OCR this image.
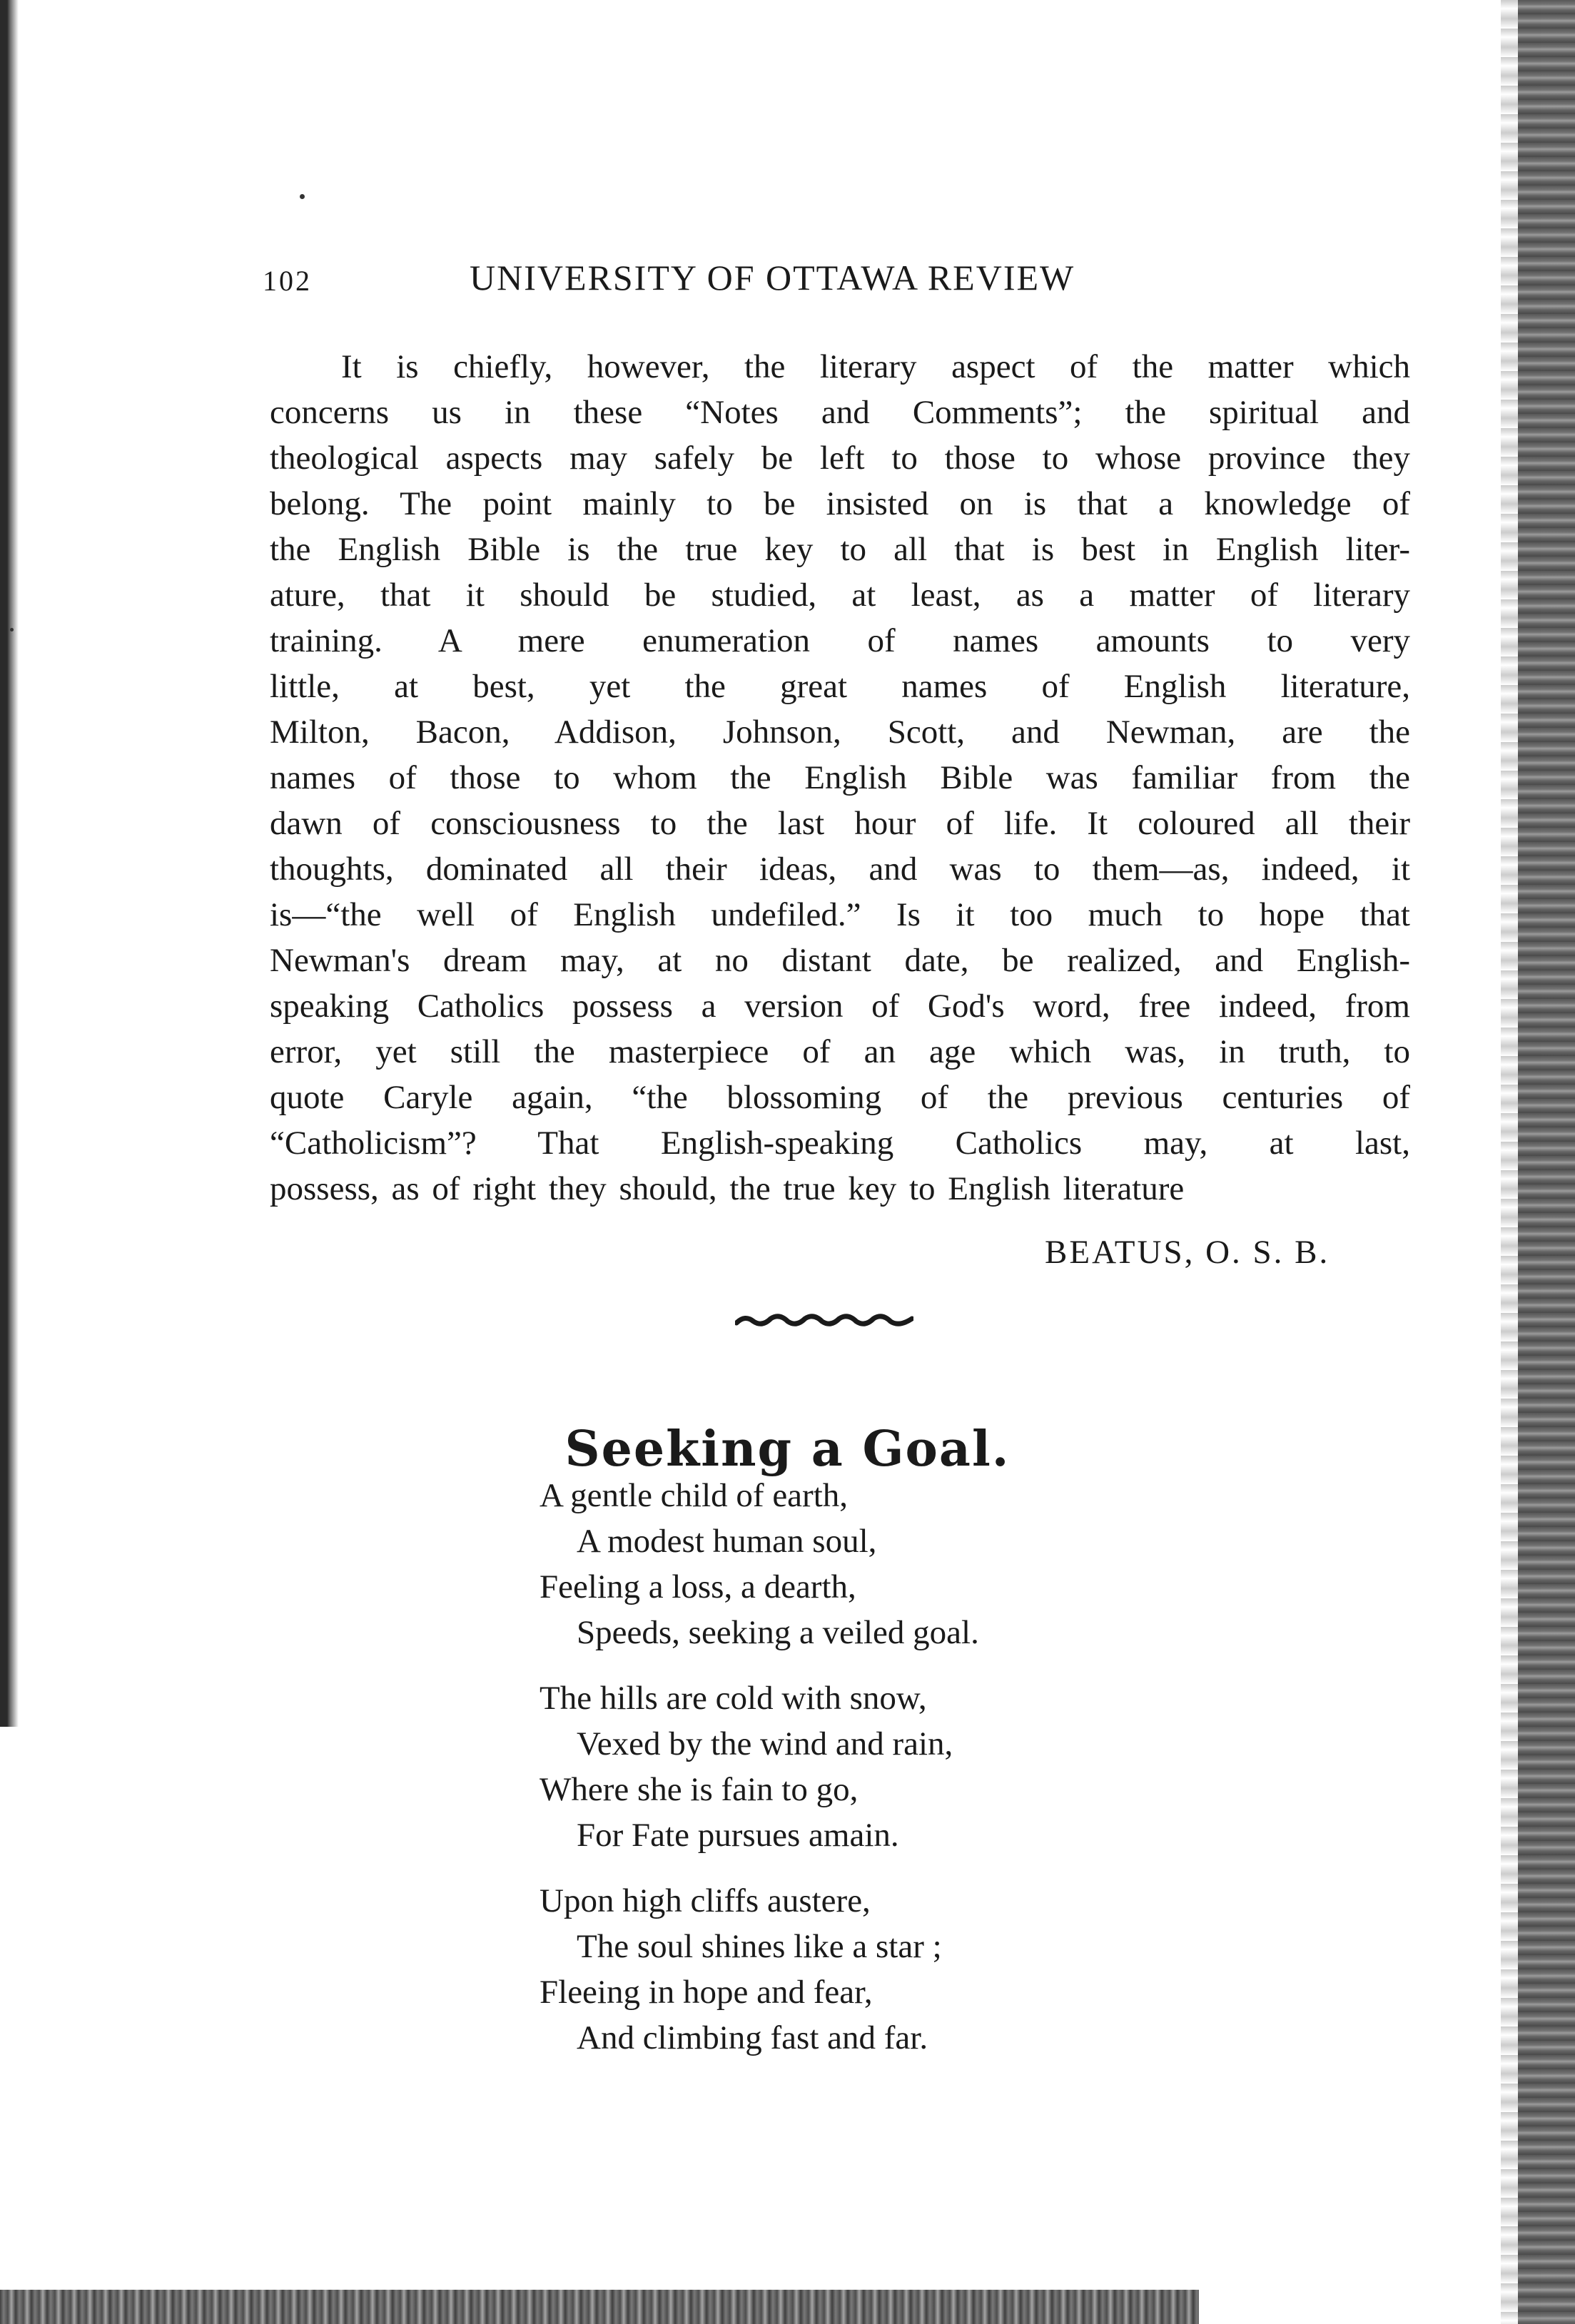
102	UNIVERSITY OF OTTAWA REVIEW
It is chiefly, however, the literary aspect of the matter which
concerns us in these “Notes and Comments”; the spiritual and
theological aspects may safely be left to those to whose province they
belong. The point mainly to be insisted on is that a knowledge of
the English Bible is the true key to all that is best in English liter-
ature, that it should be studied, at least, as a matter of literary
training. A mere enumeration of names amounts to very
little, at best, yet the great names of English literature,
Milton, Bacon, Addison, Johnson, Scott, and Newman, are the
names of those to whom the English Bible was familiar from the
dawn of consciousness to the last hour of life. It coloured all their
thoughts, dominated all their ideas, and was to them—as, indeed, it
is—“the well of English undefiled.” Is it too much to hope that
Newman's dream may, at no distant date, be realized, and English-
speaking Catholics possess a version of God's word, free indeed, from
error, yet still the masterpiece of an age which was, in truth, to
quote Caryle again, “the blossoming of the previous centuries of
“Catholicism”? That English-speaking Catholics may, at last,
possess, as of right they should, the true key to English literature
BEATUS, O. S. B.
Seeking a Goal.
A gentle child of earth,
A modest human soul,
Feeling a loss, a dearth,
Speeds, seeking a veiled goal.
The hills are cold with snow,
Vexed by the wind and rain,
Where she is fain to go,
For Fate pursues amain.
Upon high cliffs austere,
The soul shines like a star ;
Fleeing in hope and fear,
And climbing fast and far.
